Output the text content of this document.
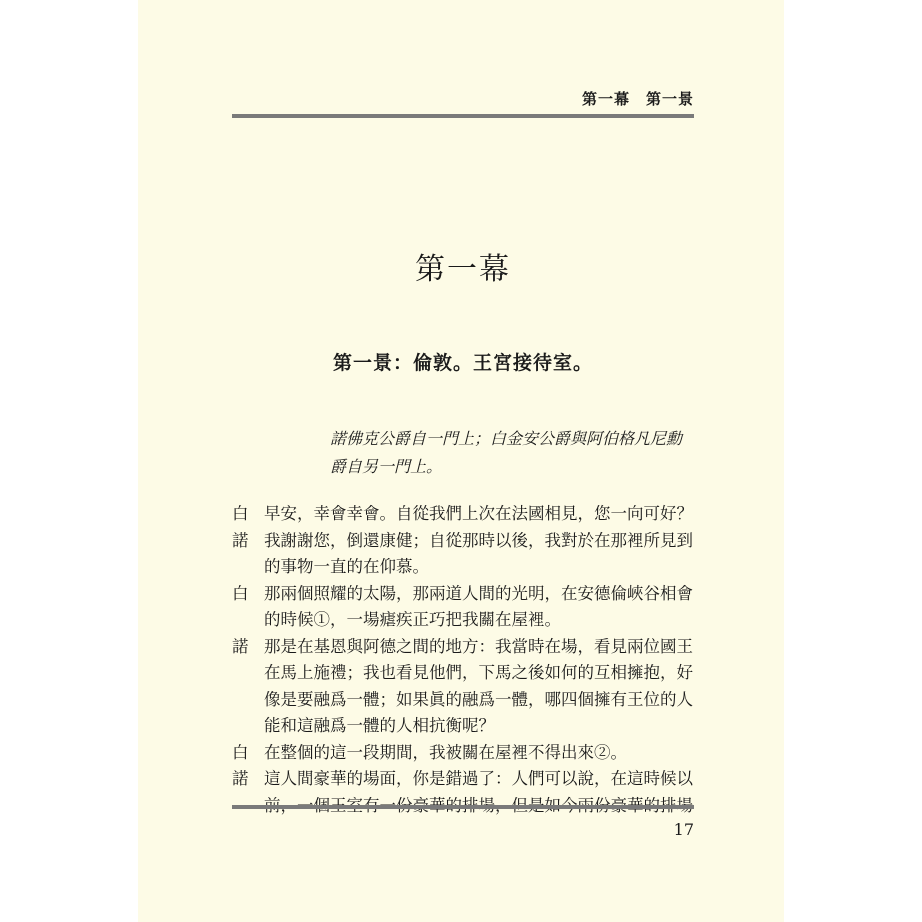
第一幕　第一景
第一幕
第一景：倫敦。王宮接待室。
諾佛克公爵自一門上；白金安公爵與阿伯格凡尼勳爵自另一門上。
白 早安，幸會幸會。自從我們上次在法國相見，您一向可好？
諾 我謝謝您，倒還康健；自從那時以後，我對於在那裡所見到的事物一直的在仰慕。
白 那兩個照耀的太陽，那兩道人間的光明，在安德倫峽谷相會的時候①，一場瘧疾正巧把我關在屋裡。
諾 那是在基恩與阿德之間的地方：我當時在場，看見兩位國王在馬上施禮；我也看見他們，下馬之後如何的互相擁抱，好像是要融爲一體；如果眞的融爲一體，哪四個擁有王位的人能和這融爲一體的人相抗衡呢？
白 在整個的這一段期間，我被關在屋裡不得出來②。
諾 這人間豪華的場面，你是錯過了：人們可以說，在這時候以
17
